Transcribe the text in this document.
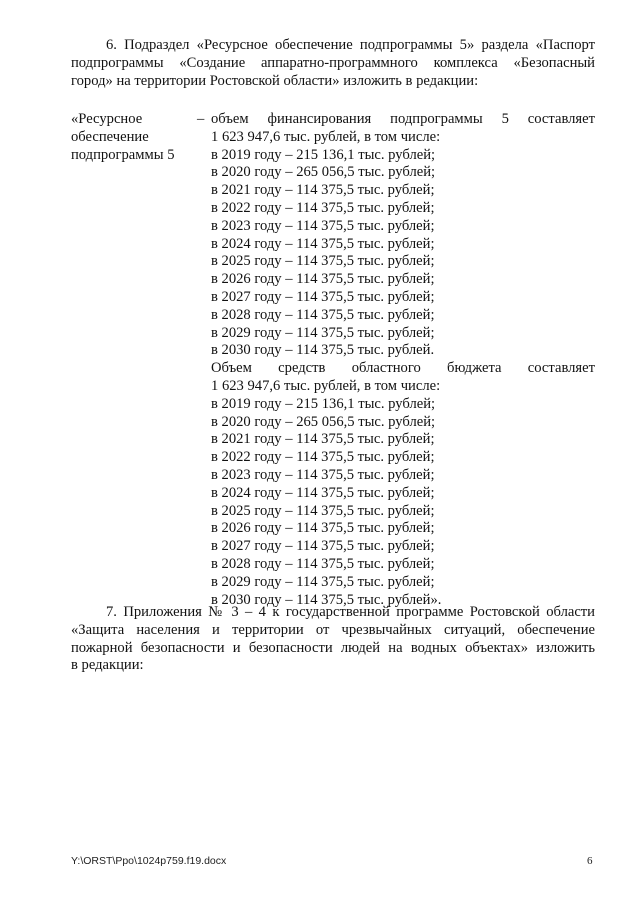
6. Подраздел «Ресурсное обеспечение подпрограммы 5» раздела «Паспорт
подпрограммы «Создание аппаратно-программного комплекса «Безопасный
город» на территории Ростовской области» изложить в редакции:
«Ресурсное
обеспечение
подпрограммы 5
– объем финансирования подпрограммы 5 составляет
1 623 947,6 тыс. рублей, в том числе:
в 2019 году – 215 136,1 тыс. рублей;
в 2020 году – 265 056,5 тыс. рублей;
в 2021 году – 114 375,5 тыс. рублей;
в 2022 году – 114 375,5 тыс. рублей;
в 2023 году – 114 375,5 тыс. рублей;
в 2024 году – 114 375,5 тыс. рублей;
в 2025 году – 114 375,5 тыс. рублей;
в 2026 году – 114 375,5 тыс. рублей;
в 2027 году – 114 375,5 тыс. рублей;
в 2028 году – 114 375,5 тыс. рублей;
в 2029 году – 114 375,5 тыс. рублей;
в 2030 году – 114 375,5 тыс. рублей.
Объем средств областного бюджета составляет
1 623 947,6 тыс. рублей, в том числе:
в 2019 году – 215 136,1 тыс. рублей;
в 2020 году – 265 056,5 тыс. рублей;
в 2021 году – 114 375,5 тыс. рублей;
в 2022 году – 114 375,5 тыс. рублей;
в 2023 году – 114 375,5 тыс. рублей;
в 2024 году – 114 375,5 тыс. рублей;
в 2025 году – 114 375,5 тыс. рублей;
в 2026 году – 114 375,5 тыс. рублей;
в 2027 году – 114 375,5 тыс. рублей;
в 2028 году – 114 375,5 тыс. рублей;
в 2029 году – 114 375,5 тыс. рублей;
в 2030 году – 114 375,5 тыс. рублей».
7. Приложения № 3 – 4 к государственной программе Ростовской области
«Защита населения и территории от чрезвычайных ситуаций, обеспечение
пожарной безопасности и безопасности людей на водных объектах» изложить
в редакции:
Y:\ORST\Ppo\1024p759.f19.docx	6
